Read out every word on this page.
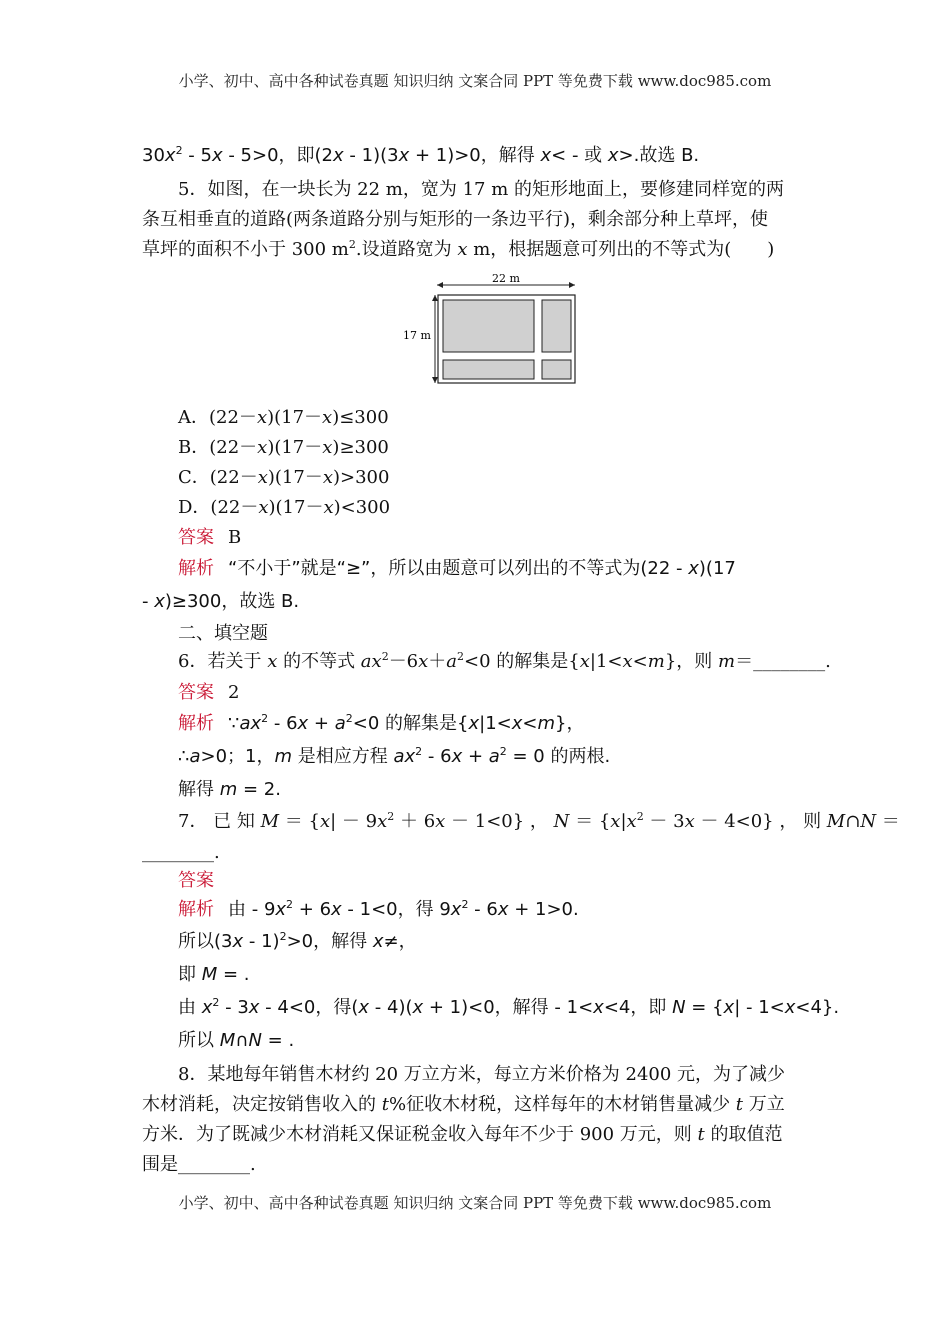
小学、初中、高中各种试卷真题 知识归纳 文案合同 PPT 等免费下载 www.doc985.com
$30x^2 - 5x - 5>0$，即(2x - 1)(3x + 1)>0，解得 x< - 或 x>.故选 B.
5．如图，在一块长为 22 m，宽为 17 m 的矩形地面上，要修建同样宽的两
条互相垂直的道路(两条道路分别与矩形的一条边平行)，剩余部分种上草坪，使
草坪的面积不小于 300 $m^2$.设道路宽为 x m，根据题意可列出的不等式为(　　)
22 m
17 m
A．(22－x)(17－x)≤300
B．(22－x)(17－x)≥300
C．(22－x)(17－x)>300
D．(22－x)(17－x)<300
答案 B
解析 “不小于”就是“≥”，所以由题意可以列出的不等式为(22 - x)(17
- x)≥300，故选 B.
二、填空题
6．若关于 x 的不等式 $ax^2-6x+a^2<0$ 的解集是{x|1<x<m}，则 m＝________.
答案 2
解析 $\because ax^2 - 6x + a^2<0$ 的解集是{x|1<x<m}，
∴a>0；1，m 是相应方程 $ax^2 - 6x + a^2 = 0$ 的两根.
解得 m = 2.
7． 已 知 $M = \{x| - 9x^2 + 6x - 1<0\}$ ， $N = \{x|x^2 - 3x - 4<0\}$ ， 则 M∩N ＝
________.
答案
解析 由 - $9x^2 + 6x - 1<0$，得 $9x^2 - 6x + 1>0$.
所以(3x - 1)$^2$>0，解得 x≠，
即 M = .
由 $x^2 - 3x - 4<0$，得(x - 4)(x + 1)<0，解得 - 1<x<4，即 N = {x| - 1<x<4}.
所以 M∩N = .
8．某地每年销售木材约 20 万立方米，每立方米价格为 2400 元，为了减少
木材消耗，决定按销售收入的 t%征收木材税，这样每年的木材销售量减少 t 万立
方米．为了既减少木材消耗又保证税金收入每年不少于 900 万元，则 t 的取值范
围是________.
小学、初中、高中各种试卷真题 知识归纳 文案合同 PPT 等免费下载 www.doc985.com
